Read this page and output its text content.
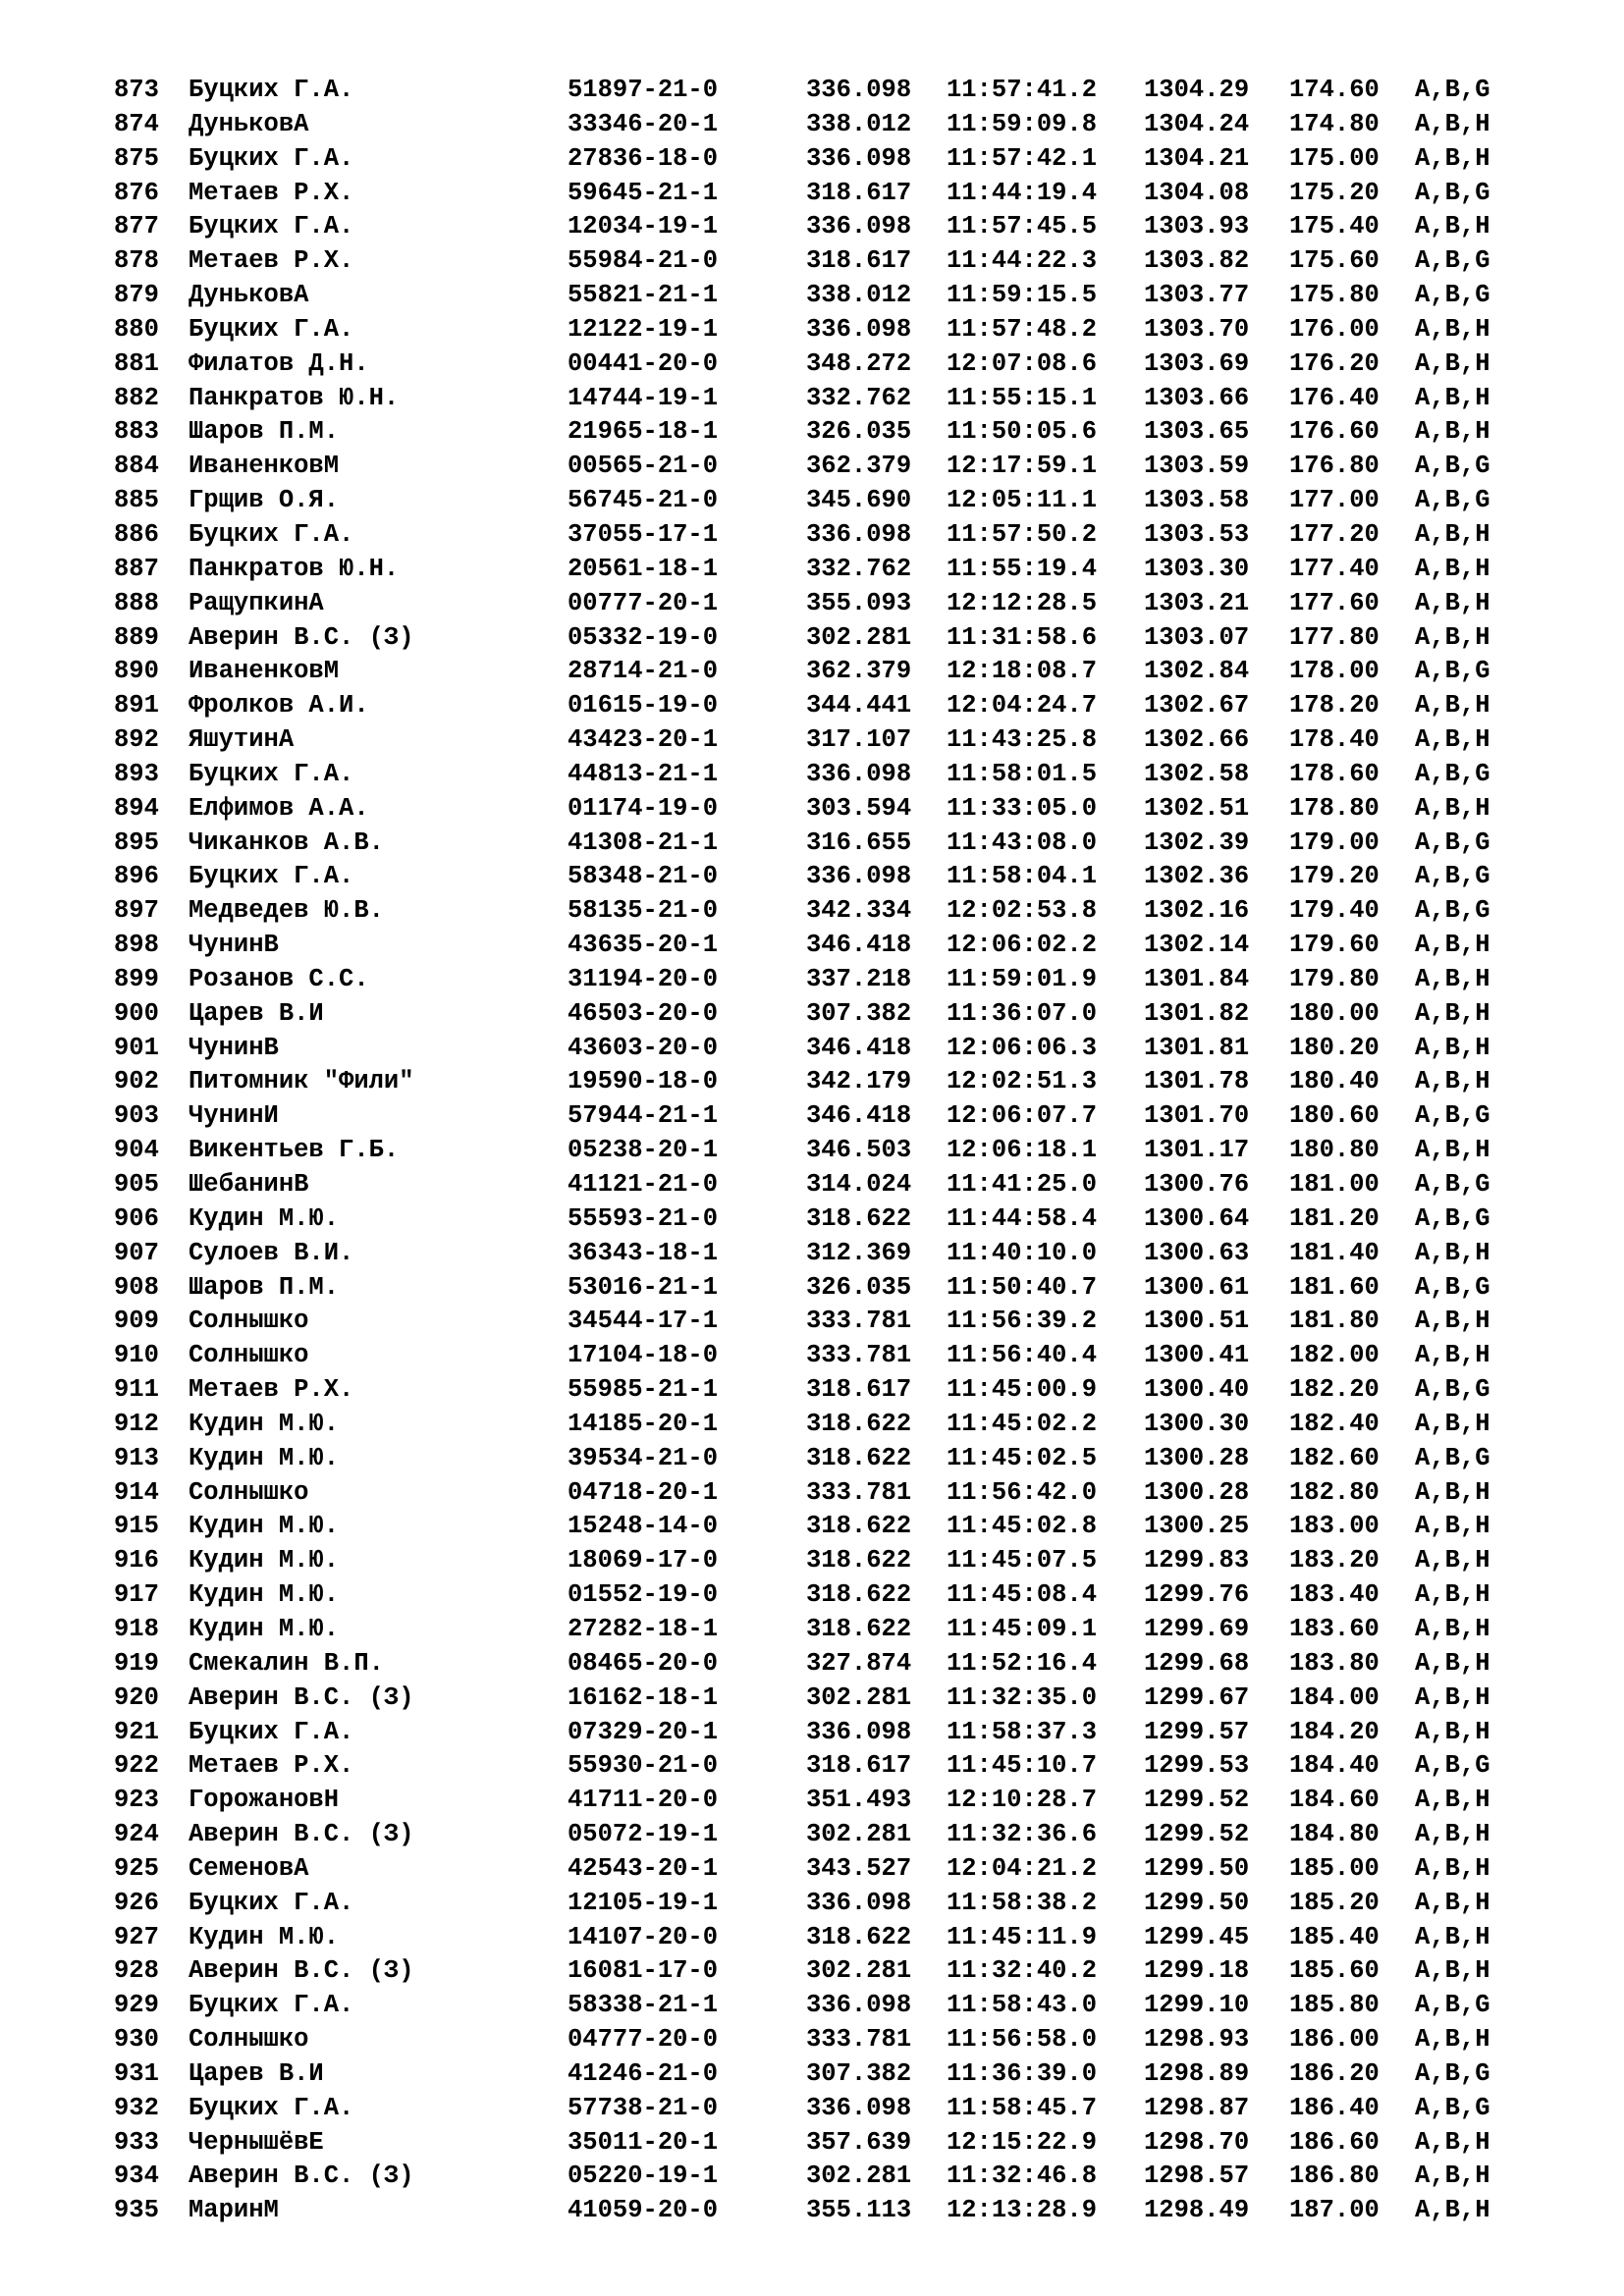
873 Буцких Г.А.	51897-21-0	336.098 11:57:41.2 1304.29 174.60 A,B,G
874 ДуньковА	33346-20-1	338.012 11:59:09.8 1304.24 174.80 A,B,H
875 Буцких Г.А.	27836-18-0	336.098 11:57:42.1 1304.21 175.00 A,B,H
876 Метаев Р.Х.	59645-21-1	318.617 11:44:19.4 1304.08 175.20 A,B,G
877 Буцких Г.А.	12034-19-1	336.098 11:57:45.5 1303.93 175.40 A,B,H
878 Метаев Р.Х.	55984-21-0	318.617 11:44:22.3 1303.82 175.60 A,B,G
879 ДуньковА	55821-21-1	338.012 11:59:15.5 1303.77 175.80 A,B,G
880 Буцких Г.А.	12122-19-1	336.098 11:57:48.2 1303.70 176.00 A,B,H
881 Филатов Д.Н.	00441-20-0	348.272 12:07:08.6 1303.69 176.20 A,B,H
882 Панкратов Ю.Н.	14744-19-1	332.762 11:55:15.1 1303.66 176.40 A,B,H
883 Шаров П.М.	21965-18-1	326.035 11:50:05.6 1303.65 176.60 A,B,H
884 ИваненковМ	00565-21-0	362.379 12:17:59.1 1303.59 176.80 A,B,G
885 Грщив О.Я.	56745-21-0	345.690 12:05:11.1 1303.58 177.00 A,B,G
886 Буцких Г.А.	37055-17-1	336.098 11:57:50.2 1303.53 177.20 A,B,H
887 Панкратов Ю.Н.	20561-18-1	332.762 11:55:19.4 1303.30 177.40 A,B,H
888 РащупкинА	00777-20-1	355.093 12:12:28.5 1303.21 177.60 A,B,H
889 Аверин В.С. (З)	05332-19-0	302.281 11:31:58.6 1303.07 177.80 A,B,H
890 ИваненковМ	28714-21-0	362.379 12:18:08.7 1302.84 178.00 A,B,G
891 Фролков А.И.	01615-19-0	344.441 12:04:24.7 1302.67 178.20 A,B,H
892 ЯшутинА	43423-20-1	317.107 11:43:25.8 1302.66 178.40 A,B,H
893 Буцких Г.А.	44813-21-1	336.098 11:58:01.5 1302.58 178.60 A,B,G
894 Елфимов А.А.	01174-19-0	303.594 11:33:05.0 1302.51 178.80 A,B,H
895 Чиканков А.В.	41308-21-1	316.655 11:43:08.0 1302.39 179.00 A,B,G
896 Буцких Г.А.	58348-21-0	336.098 11:58:04.1 1302.36 179.20 A,B,G
897 Медведев Ю.В.	58135-21-0	342.334 12:02:53.8 1302.16 179.40 A,B,G
898 ЧунинВ	43635-20-1	346.418 12:06:02.2 1302.14 179.60 A,B,H
899 Розанов С.С.	31194-20-0	337.218 11:59:01.9 1301.84 179.80 A,B,H
900 Царев В.И	46503-20-0	307.382 11:36:07.0 1301.82 180.00 A,B,H
901 ЧунинВ	43603-20-0	346.418 12:06:06.3 1301.81 180.20 A,B,H
902 Питомник "Фили"	19590-18-0	342.179 12:02:51.3 1301.78 180.40 A,B,H
903 ЧунинИ	57944-21-1	346.418 12:06:07.7 1301.70 180.60 A,B,G
904 Викентьев Г.Б.	05238-20-1	346.503 12:06:18.1 1301.17 180.80 A,B,H
905 ШебанинВ	41121-21-0	314.024 11:41:25.0 1300.76 181.00 A,B,G
906 Кудин М.Ю.	55593-21-0	318.622 11:44:58.4 1300.64 181.20 A,B,G
907 Сулоев В.И.	36343-18-1	312.369 11:40:10.0 1300.63 181.40 A,B,H
908 Шаров П.М.	53016-21-1	326.035 11:50:40.7 1300.61 181.60 A,B,G
909 Солнышко	34544-17-1	333.781 11:56:39.2 1300.51 181.80 A,B,H
910 Солнышко	17104-18-0	333.781 11:56:40.4 1300.41 182.00 A,B,H
911 Метаев Р.Х.	55985-21-1	318.617 11:45:00.9 1300.40 182.20 A,B,G
912 Кудин М.Ю.	14185-20-1	318.622 11:45:02.2 1300.30 182.40 A,B,H
913 Кудин М.Ю.	39534-21-0	318.622 11:45:02.5 1300.28 182.60 A,B,G
914 Солнышко	04718-20-1	333.781 11:56:42.0 1300.28 182.80 A,B,H
915 Кудин М.Ю.	15248-14-0	318.622 11:45:02.8 1300.25 183.00 A,B,H
916 Кудин М.Ю.	18069-17-0	318.622 11:45:07.5 1299.83 183.20 A,B,H
917 Кудин М.Ю.	01552-19-0	318.622 11:45:08.4 1299.76 183.40 A,B,H
918 Кудин М.Ю.	27282-18-1	318.622 11:45:09.1 1299.69 183.60 A,B,H
919 Смекалин В.П.	08465-20-0	327.874 11:52:16.4 1299.68 183.80 A,B,H
920 Аверин В.С. (З)	16162-18-1	302.281 11:32:35.0 1299.67 184.00 A,B,H
921 Буцких Г.А.	07329-20-1	336.098 11:58:37.3 1299.57 184.20 A,B,H
922 Метаев Р.Х.	55930-21-0	318.617 11:45:10.7 1299.53 184.40 A,B,G
923 ГорожановН	41711-20-0	351.493 12:10:28.7 1299.52 184.60 A,B,H
924 Аверин В.С. (З)	05072-19-1	302.281 11:32:36.6 1299.52 184.80 A,B,H
925 СеменовА	42543-20-1	343.527 12:04:21.2 1299.50 185.00 A,B,H
926 Буцких Г.А.	12105-19-1	336.098 11:58:38.2 1299.50 185.20 A,B,H
927 Кудин М.Ю.	14107-20-0	318.622 11:45:11.9 1299.45 185.40 A,B,H
928 Аверин В.С. (З)	16081-17-0	302.281 11:32:40.2 1299.18 185.60 A,B,H
929 Буцких Г.А.	58338-21-1	336.098 11:58:43.0 1299.10 185.80 A,B,G
930 Солнышко	04777-20-0	333.781 11:56:58.0 1298.93 186.00 A,B,H
931 Царев В.И	41246-21-0	307.382 11:36:39.0 1298.89 186.20 A,B,G
932 Буцких Г.А.	57738-21-0	336.098 11:58:45.7 1298.87 186.40 A,B,G
933 ЧернышёвЕ	35011-20-1	357.639 12:15:22.9 1298.70 186.60 A,B,H
934 Аверин В.С. (З)	05220-19-1	302.281 11:32:46.8 1298.57 186.80 A,B,H
935 МаринМ	41059-20-0	355.113 12:13:28.9 1298.49 187.00 A,B,H
